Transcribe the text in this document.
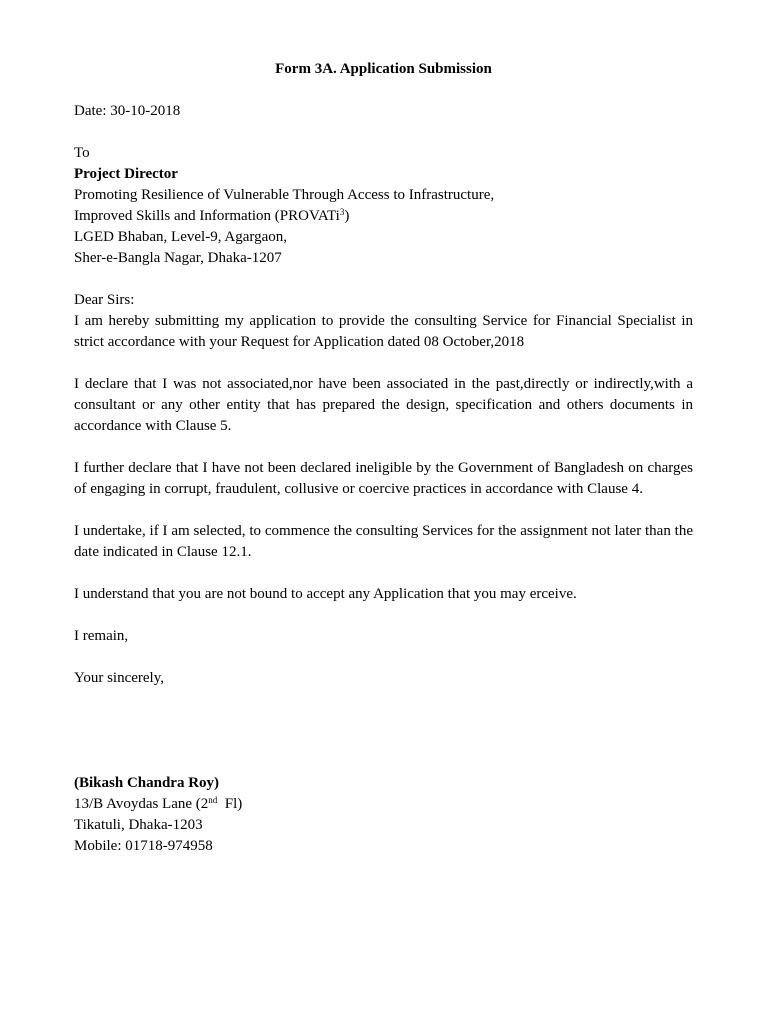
Form 3A. Application Submission

Date: 30-10-2018

To

Project Director

Promoting Resilience of Vulnerable Through Access to Infrastructure,

Improved Skills and Information (PROVATi$^3$)

LGED Bhaban, Level-9, Agargaon,

Sher-e-Bangla Nagar, Dhaka-1207

Dear Sirs:

I am hereby submitting my application to provide the consulting Service for Financial Specialist in strict accordance with your Request for Application dated 08 October,2018

I declare that I was not associated,nor have been associated in the past,directly or indirectly,with a consultant or any other entity that has prepared the design, specification and others documents in accordance with Clause 5.

I further declare that I have not been declared ineligible by the Government of Bangladesh on charges of engaging in corrupt, fraudulent, collusive or coercive practices in accordance with Clause 4.

I undertake, if I am selected, to commence the consulting Services for the assignment not later than the date indicated in Clause 12.1.

I understand that you are not bound to accept any Application that you may erceive.

I remain,

Your sincerely,

(Bikash Chandra Roy)

13/B Avoydas Lane (2nd  Fl)

Tikatuli, Dhaka-1203

Mobile: 01718-974958
